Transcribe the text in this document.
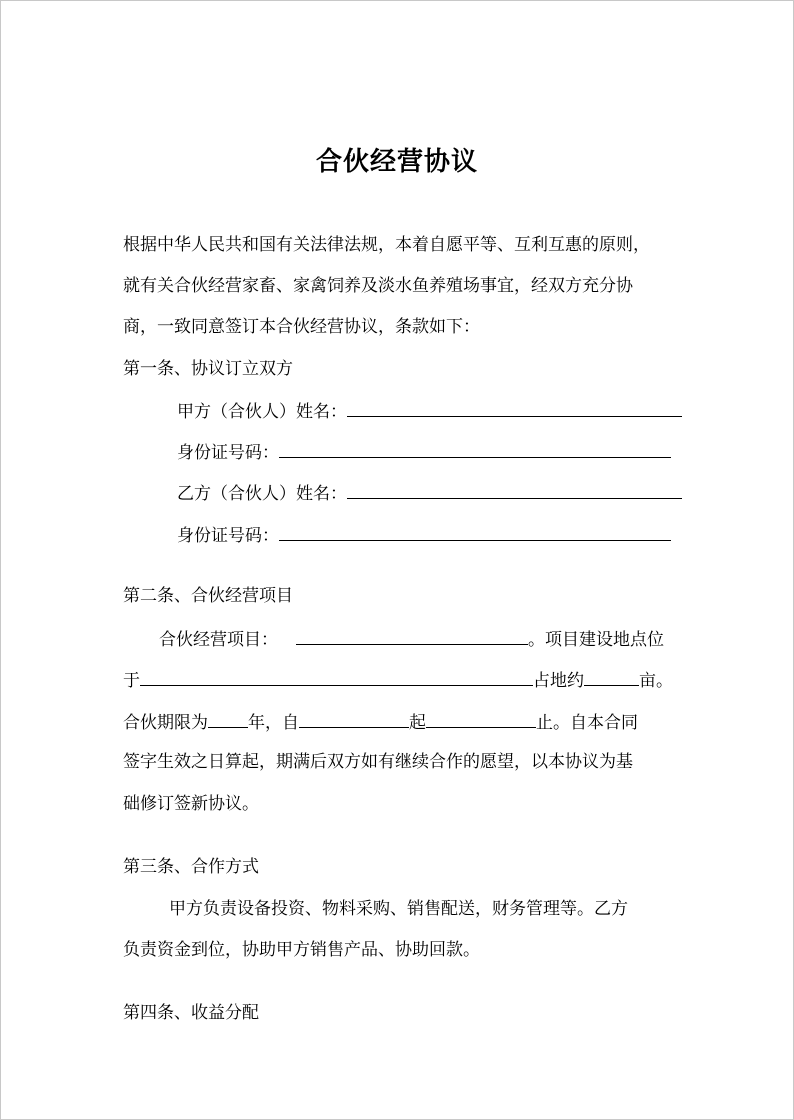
合伙经营协议
根据中华人民共和国有关法律法规，本着自愿平等、互利互惠的原则，
就有关合伙经营家畜、家禽饲养及淡水鱼养殖场事宜，经双方充分协
商，一致同意签订本合伙经营协议，条款如下：
第一条、协议订立双方
甲方（合伙人）姓名：
身份证号码：
乙方（合伙人）姓名：
身份证号码：
第二条、合伙经营项目
合伙经营项目：	。项目建设地点位
于	占地约	亩。
合伙期限为 年，自	起	止。自本合同
签字生效之日算起，期满后双方如有继续合作的愿望，以本协议为基
础修订签新协议。
第三条、合作方式
甲方负责设备投资、物料采购、销售配送，财务管理等。乙方
负责资金到位，协助甲方销售产品、协助回款。
第四条、收益分配
